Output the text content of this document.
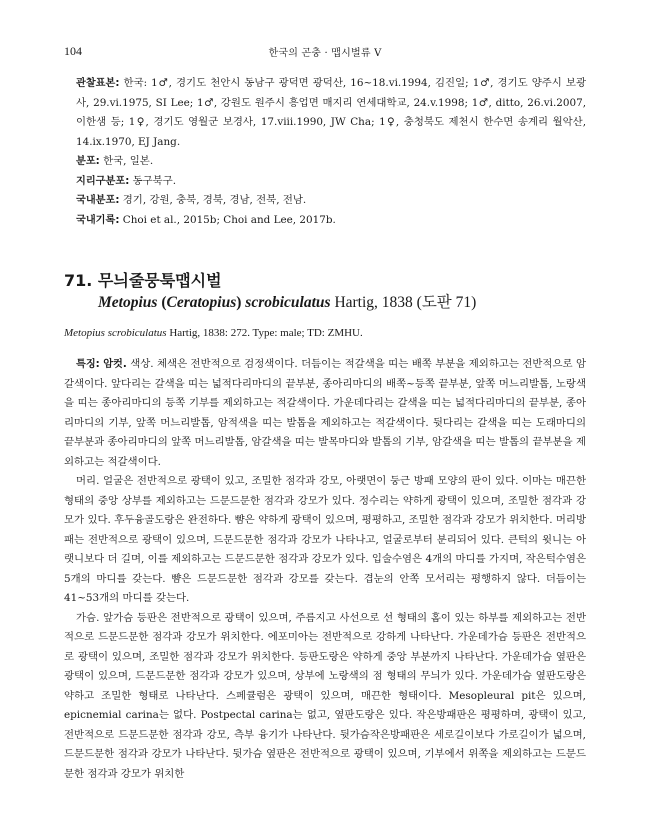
104	한국의 곤충 · 맵시벌류 V

관찰표본: 한국: 1♂, 경기도 천안시 동남구 광덕면 광덕산, 16~18.vi.1994, 김진일; 1♂, 경기도 양주시 보광사, 29.vi.1975, SI Lee; 1♂, 강원도 원주시 흥업면 매지리 연세대학교, 24.v.1998; 1♂, ditto, 26.vi.2007, 이한샘 등; 1♀, 경기도 영월군 보경사, 17.viii.1990, JW Cha; 1♀, 충청북도 제천시 한수면 송계리 월악산, 14.ix.1970, EJ Jang.

분포: 한국, 일본.

지리구분포: 동구북구.

국내분포: 경기, 강원, 충북, 경북, 경남, 전북, 전남.

국내기록: Choi et al., 2015b; Choi and Lee, 2017b.

71. 무늬줄뭉툭맵시벌
Metopius (Ceratopius) scrobiculatus Hartig, 1838 (도판 71)
Metopius scrobiculatus Hartig, 1838: 272. Type: male; TD: ZMHU.

특징: 암컷. 색상. 체색은 전반적으로 검정색이다. 더듬이는 적갈색을 띠는 배쪽 부분을 제외하고는 전반적으로 암갈색이다. 앞다리는 갈색을 띠는 넓적다리마디의 끝부분, 종아리마디의 배쪽~등쪽 끝부분, 앞쪽 머느리발톱, 노랑색을 띠는 종아리마디의 등쪽 기부를 제외하고는 적갈색이다. 가운데다리는 갈색을 띠는 넓적다리마디의 끝부분, 종아리마디의 기부, 앞쪽 머느리발톱, 암적색을 띠는 발톱을 제외하고는 적갈색이다. 뒷다리는 갈색을 띠는 도래마디의 끝부분과 종아리마디의 앞쪽 머느리발톱, 암갈색을 띠는 발목마디와 발톱의 기부, 암갈색을 띠는 발톱의 끝부분을 제외하고는 적갈색이다.

머리. 얼굴은 전반적으로 광택이 있고, 조밀한 점각과 강모, 아랫면이 둥근 방패 모양의 판이 있다. 이마는 매끈한 형태의 중앙 상부를 제외하고는 드문드문한 점각과 강모가 있다. 정수리는 약하게 광택이 있으며, 조밀한 점각과 강모가 있다. 후두융골도랑은 완전하다. 뺨은 약하게 광택이 있으며, 평평하고, 조밀한 점각과 강모가 위치한다. 머리방패는 전반적으로 광택이 있으며, 드문드문한 점각과 강모가 나타나고, 얼굴로부터 분리되어 있다. 큰턱의 윗니는 아랫니보다 더 길며, 이를 제외하고는 드문드문한 점각과 강모가 있다. 입술수염은 4개의 마디를 가지며, 작은턱수염은 5개의 마디를 갖는다. 뺨은 드문드문한 점각과 강모를 갖는다. 겹눈의 안쪽 모서리는 평행하지 않다. 더듬이는 41~53개의 마디를 갖는다.

가슴. 앞가슴 등판은 전반적으로 광택이 있으며, 주름지고 사선으로 선 형태의 홈이 있는 하부를 제외하고는 전반적으로 드문드문한 점각과 강모가 위치한다. 에포미아는 전반적으로 강하게 나타난다. 가운데가슴 등판은 전반적으로 광택이 있으며, 조밀한 점각과 강모가 위치한다. 등판도랑은 약하게 중앙 부분까지 나타난다. 가운데가슴 옆판은 광택이 있으며, 드문드문한 점각과 강모가 있으며, 상부에 노랑색의 점 형태의 무늬가 있다. 가운데가슴 옆판도랑은 약하고 조밀한 형태로 나타난다. 스페큘럼은 광택이 있으며, 매끈한 형태이다. Mesopleural pit은 있으며, epicnemial carina는 없다. Postpectal carina는 없고, 옆판도랑은 있다. 작은방패판은 평평하며, 광택이 있고, 전반적으로 드문드문한 점각과 강모, 측부 융기가 나타난다. 뒷가슴작은방패판은 세로길이보다 가로길이가 넓으며, 드문드문한 점각과 강모가 나타난다. 뒷가슴 옆판은 전반적으로 광택이 있으며, 기부에서 위쪽을 제외하고는 드문드문한 점각과 강모가 위치한
